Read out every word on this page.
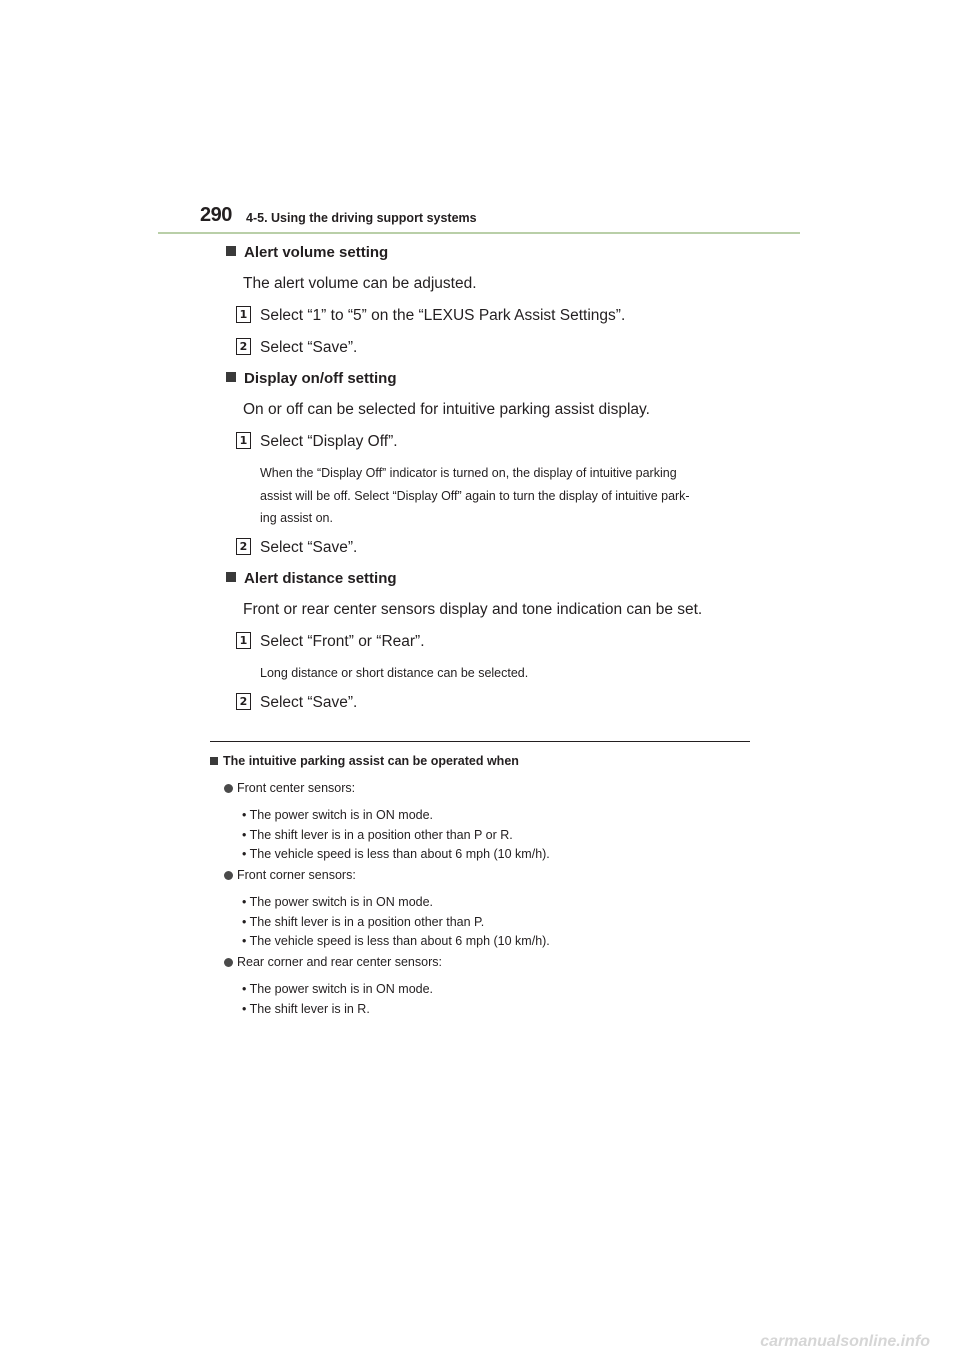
290 4-5. Using the driving support systems
Alert volume setting
The alert volume can be adjusted.
1 Select “1” to “5” on the “LEXUS Park Assist Settings”.
2 Select “Save”.
Display on/off setting
On or off can be selected for intuitive parking assist display.
1 Select “Display Off”.
When the “Display Off” indicator is turned on, the display of intuitive parking
assist will be off. Select “Display Off” again to turn the display of intuitive park-
ing assist on.
2 Select “Save”.
Alert distance setting
Front or rear center sensors display and tone indication can be set.
1 Select “Front” or “Rear”.
Long distance or short distance can be selected.
2 Select “Save”.
The intuitive parking assist can be operated when
Front center sensors:
• The power switch is in ON mode.
• The shift lever is in a position other than P or R.
• The vehicle speed is less than about 6 mph (10 km/h).
Front corner sensors:
• The power switch is in ON mode.
• The shift lever is in a position other than P.
• The vehicle speed is less than about 6 mph (10 km/h).
Rear corner and rear center sensors:
• The power switch is in ON mode.
• The shift lever is in R.
carmanualsonline.info
